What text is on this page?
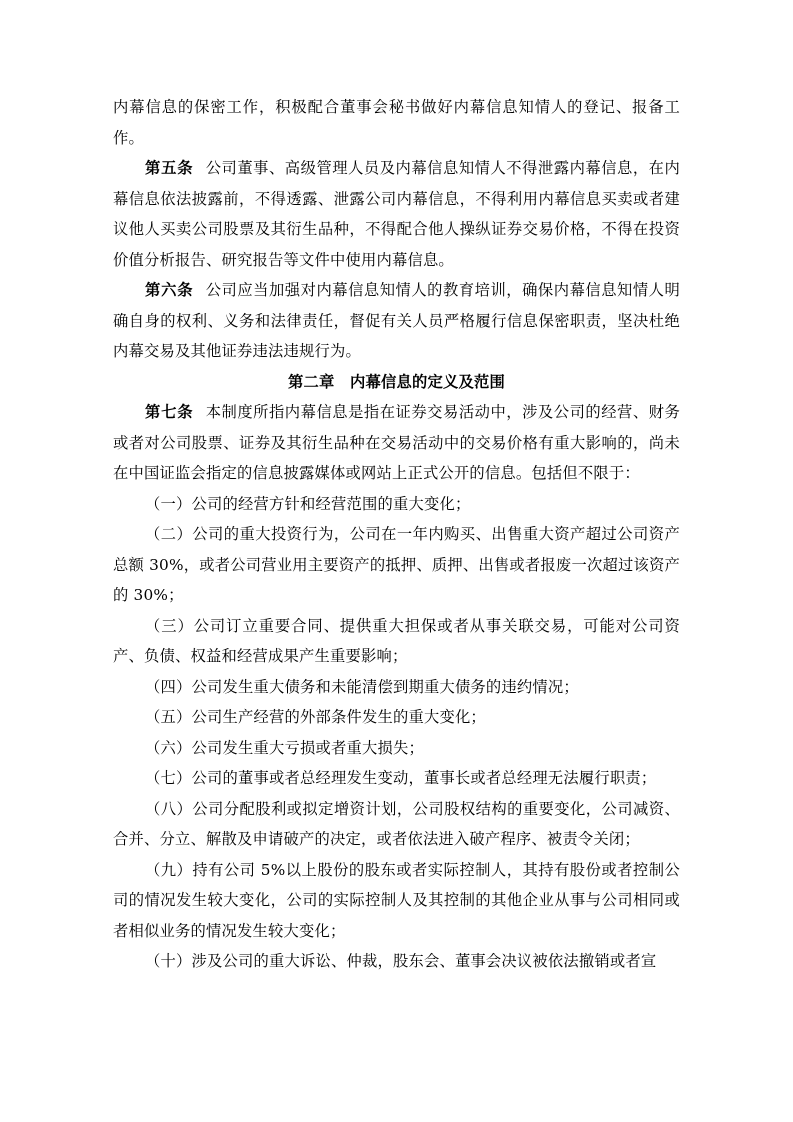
内幕信息的保密工作，积极配合董事会秘书做好内幕信息知情人的登记、报备工作。

第五条 公司董事、高级管理人员及内幕信息知情人不得泄露内幕信息，在内幕信息依法披露前，不得透露、泄露公司内幕信息，不得利用内幕信息买卖或者建议他人买卖公司股票及其衍生品种，不得配合他人操纵证券交易价格，不得在投资价值分析报告、研究报告等文件中使用内幕信息。

第六条 公司应当加强对内幕信息知情人的教育培训，确保内幕信息知情人明确自身的权利、义务和法律责任，督促有关人员严格履行信息保密职责，坚决杜绝内幕交易及其他证券违法违规行为。

第二章　内幕信息的定义及范围

第七条 本制度所指内幕信息是指在证券交易活动中，涉及公司的经营、财务或者对公司股票、证券及其衍生品种在交易活动中的交易价格有重大影响的，尚未在中国证监会指定的信息披露媒体或网站上正式公开的信息。包括但不限于：

（一）公司的经营方针和经营范围的重大变化；

（二）公司的重大投资行为，公司在一年内购买、出售重大资产超过公司资产总额 30%，或者公司营业用主要资产的抵押、质押、出售或者报废一次超过该资产的 30%；

（三）公司订立重要合同、提供重大担保或者从事关联交易，可能对公司资产、负债、权益和经营成果产生重要影响；

（四）公司发生重大债务和未能清偿到期重大债务的违约情况；

（五）公司生产经营的外部条件发生的重大变化；

（六）公司发生重大亏损或者重大损失；

（七）公司的董事或者总经理发生变动，董事长或者总经理无法履行职责；

（八）公司分配股利或拟定增资计划，公司股权结构的重要变化，公司减资、合并、分立、解散及申请破产的决定，或者依法进入破产程序、被责令关闭；

（九）持有公司 5%以上股份的股东或者实际控制人，其持有股份或者控制公司的情况发生较大变化，公司的实际控制人及其控制的其他企业从事与公司相同或者相似业务的情况发生较大变化；

（十）涉及公司的重大诉讼、仲裁，股东会、董事会决议被依法撤销或者宣
